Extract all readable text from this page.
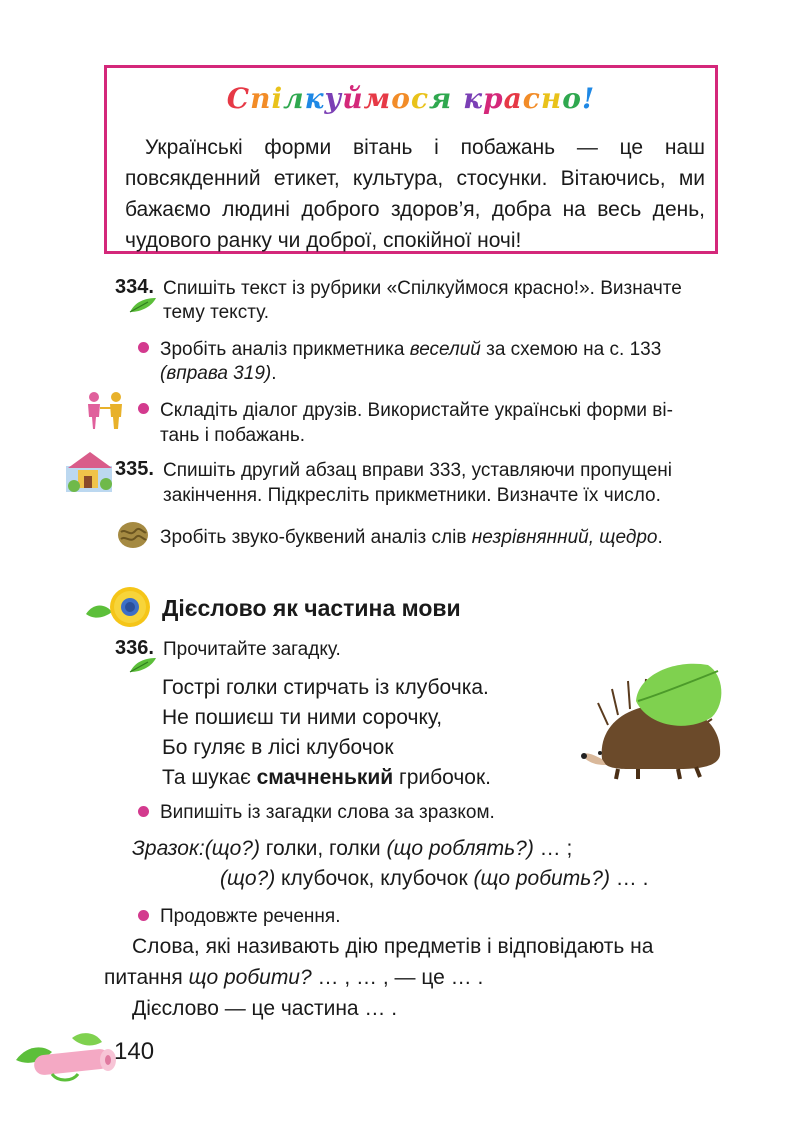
Спілкуймося красно!
Українські форми вітань і побажань — це наш повсякденний етикет, культура, стосунки. Вітаючись, ми бажаємо людині доброго здоров’я, добра на весь день, чудового ранку чи доброї, спокійної ночі!
334. Спишіть текст із рубрики «Спілкуймося красно!». Визначте
тему тексту.
Зробіть аналіз прикметника веселий за схемою на с. 133
(вправа 319).
Складіть діалог друзів. Використайте українські форми ві-
тань і побажань.
335. Спишіть другий абзац вправи 333, уставляючи пропущені
закінчення. Підкресліть прикметники. Визначте їх число.
Зробіть звуко-буквений аналіз слів незрівнянний, щедро.
Дієслово як частина мови
336. Прочитайте загадку.
Гострі голки стирчать із клубочка.
Не пошиєш ти ними сорочку,
Бо гуляє в лісі клубочок
Та шукає смачненький грибочок.
Випишіть із загадки слова за зразком.
Зразок:(що?) голки, голки (що роблять?) … ;
(що?) клубочок, клубочок (що робить?) … .
Продовжте речення.
Слова, які називають дію предметів і відповідають на
питання що робити? … , … , — це … .
Дієслово — це частина … .
140
